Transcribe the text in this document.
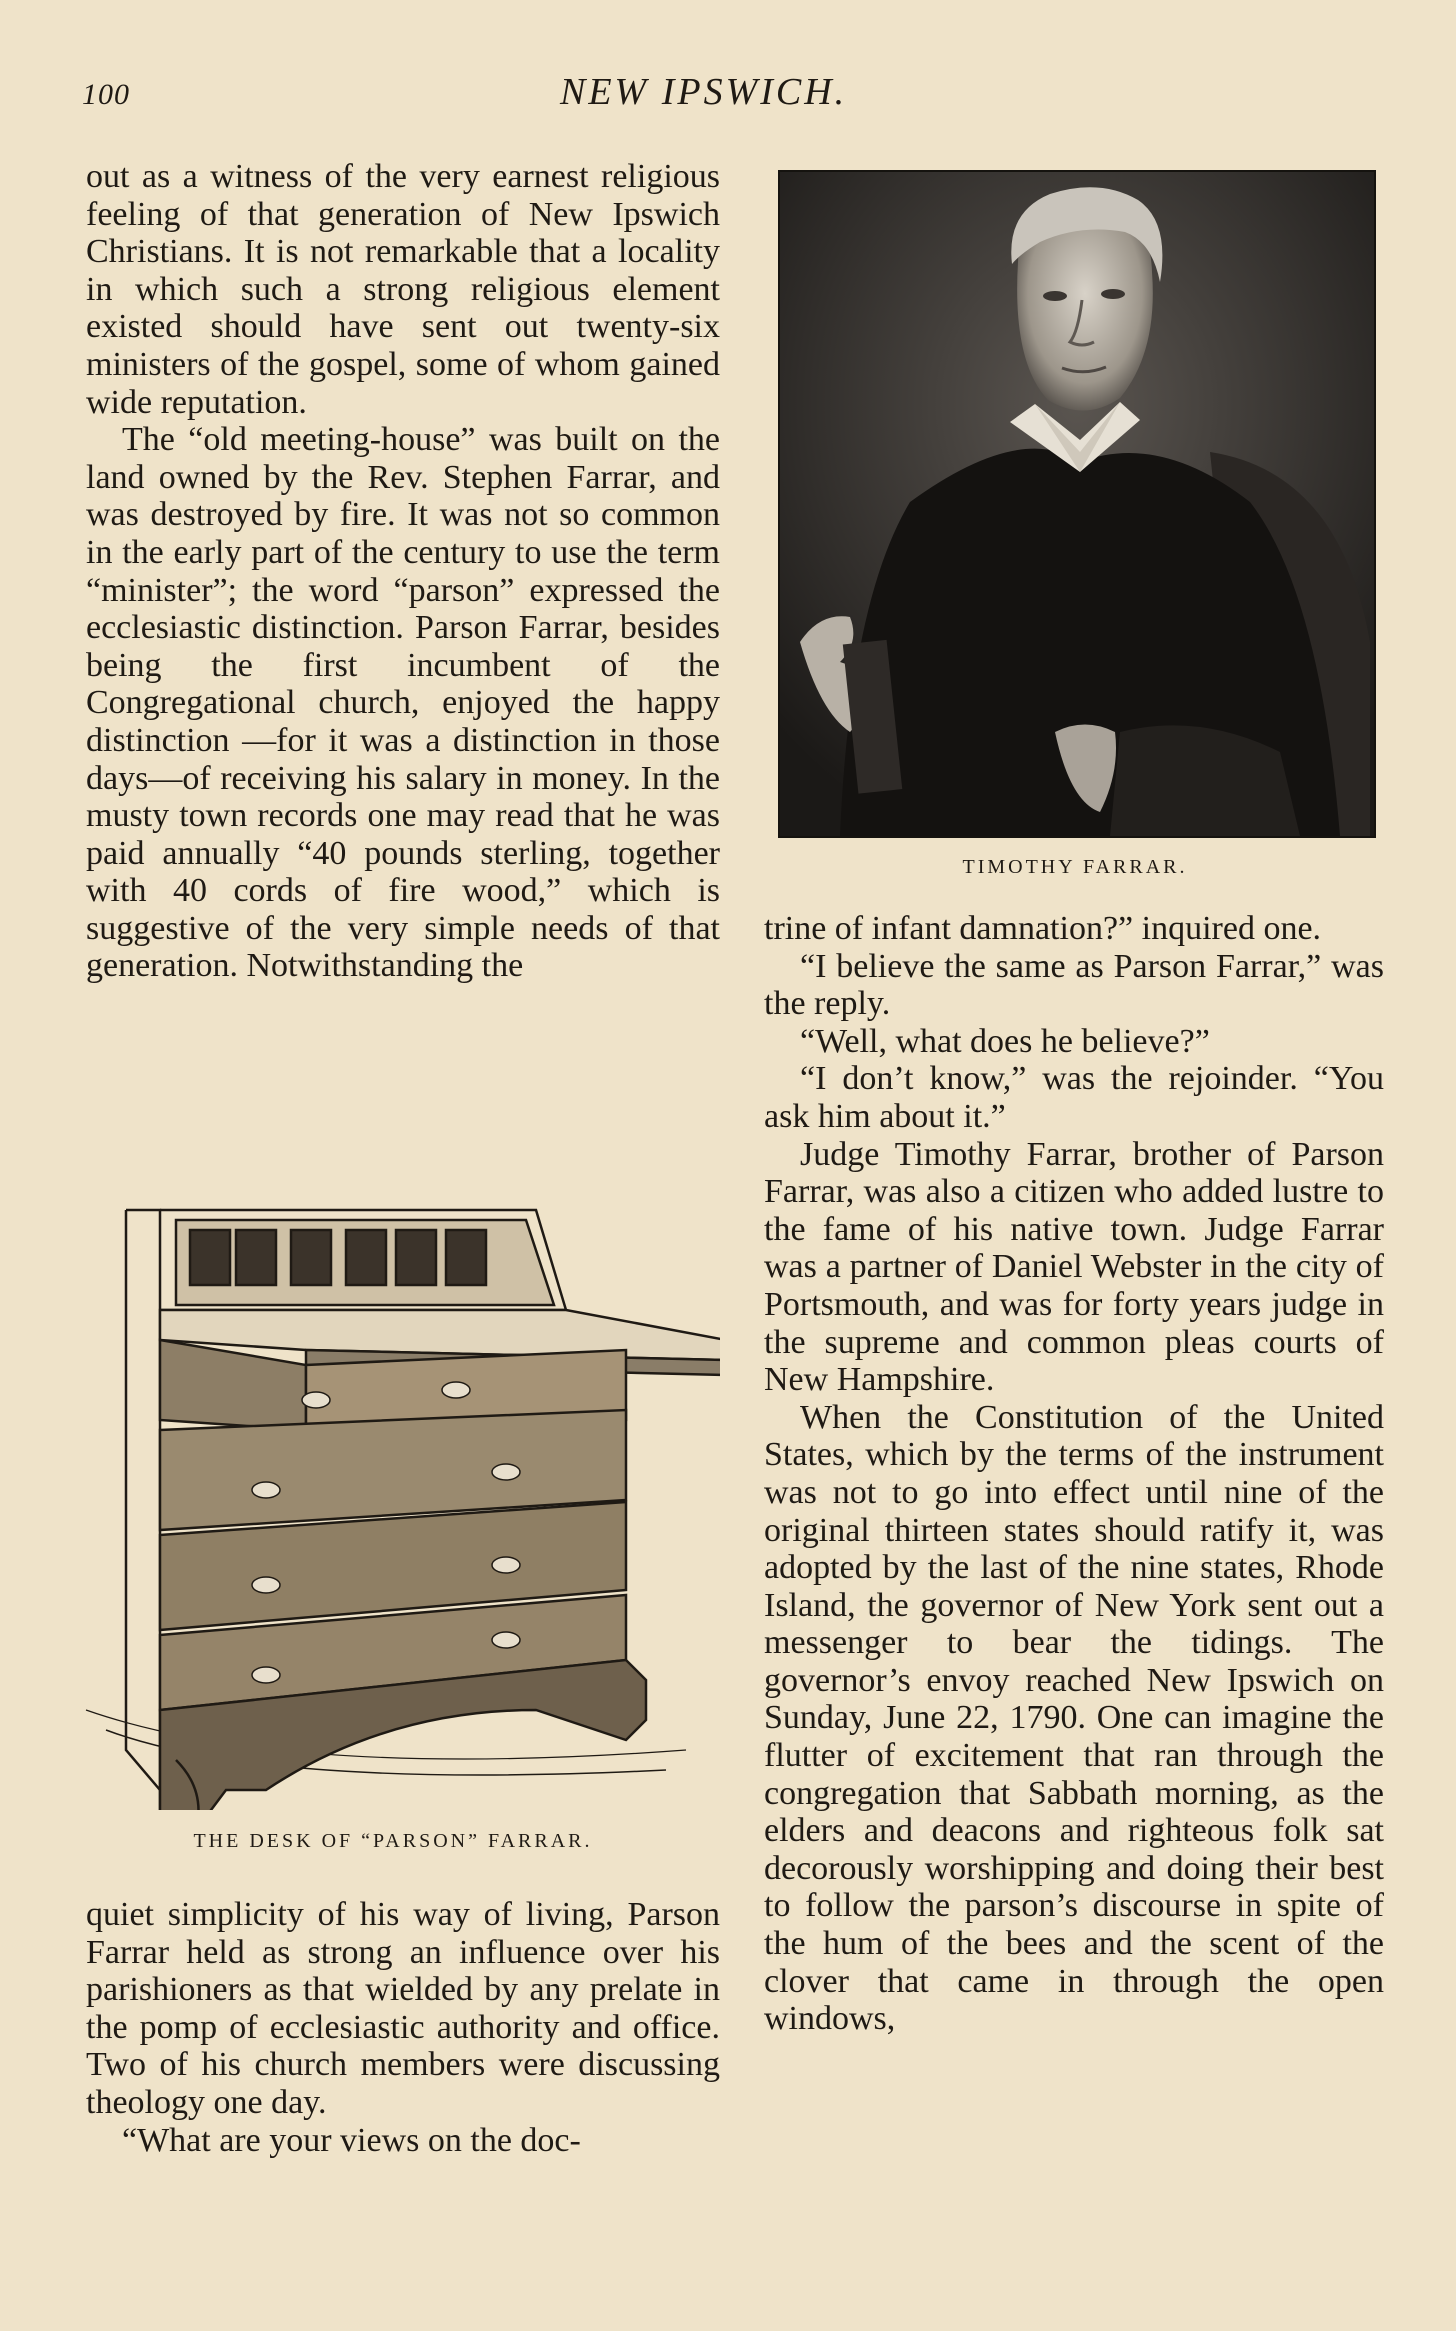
100	NEW IPSWICH.

out as a witness of the very earnest religious feeling of that generation of New Ipswich Christians. It is not remarkable that a locality in which such a strong religious element existed should have sent out twenty-six ministers of the gospel, some of whom gained wide reputation.

The “old meeting-house” was built on the land owned by the Rev. Stephen Farrar, and was destroyed by fire. It was not so common in the early part of the century to use the term “minister”; the word “parson” expressed the ecclesiastic distinction. Parson Farrar, besides being the first incumbent of the Congregational church, enjoyed the happy distinction —for it was a distinction in those days—of receiving his salary in money. In the musty town records one may read that he was paid annually “40 pounds sterling, together with 40 cords of fire wood,” which is suggestive of the very simple needs of that generation. Notwithstanding the

TIMOTHY FARRAR.
THE DESK OF “PARSON” FARRAR.

quiet simplicity of his way of living, Parson Farrar held as strong an influence over his parishioners as that wielded by any prelate in the pomp of ecclesiastic authority and office. Two of his church members were discussing theology one day.

“What are your views on the doc-

trine of infant damnation?” inquired one.

“I believe the same as Parson Farrar,” was the reply.

“Well, what does he believe?”

“I don’t know,” was the rejoinder. “You ask him about it.”

Judge Timothy Farrar, brother of Parson Farrar, was also a citizen who added lustre to the fame of his native town. Judge Farrar was a partner of Daniel Webster in the city of Portsmouth, and was for forty years judge in the supreme and common pleas courts of New Hampshire.

When the Constitution of the United States, which by the terms of the instrument was not to go into effect until nine of the original thirteen states should ratify it, was adopted by the last of the nine states, Rhode Island, the governor of New York sent out a messenger to bear the tidings. The governor’s envoy reached New Ipswich on Sunday, June 22, 1790. One can imagine the flutter of excitement that ran through the congregation that Sabbath morning, as the elders and deacons and righteous folk sat decorously worshipping and doing their best to follow the parson’s discourse in spite of the hum of the bees and the scent of the clover that came in through the open windows,
